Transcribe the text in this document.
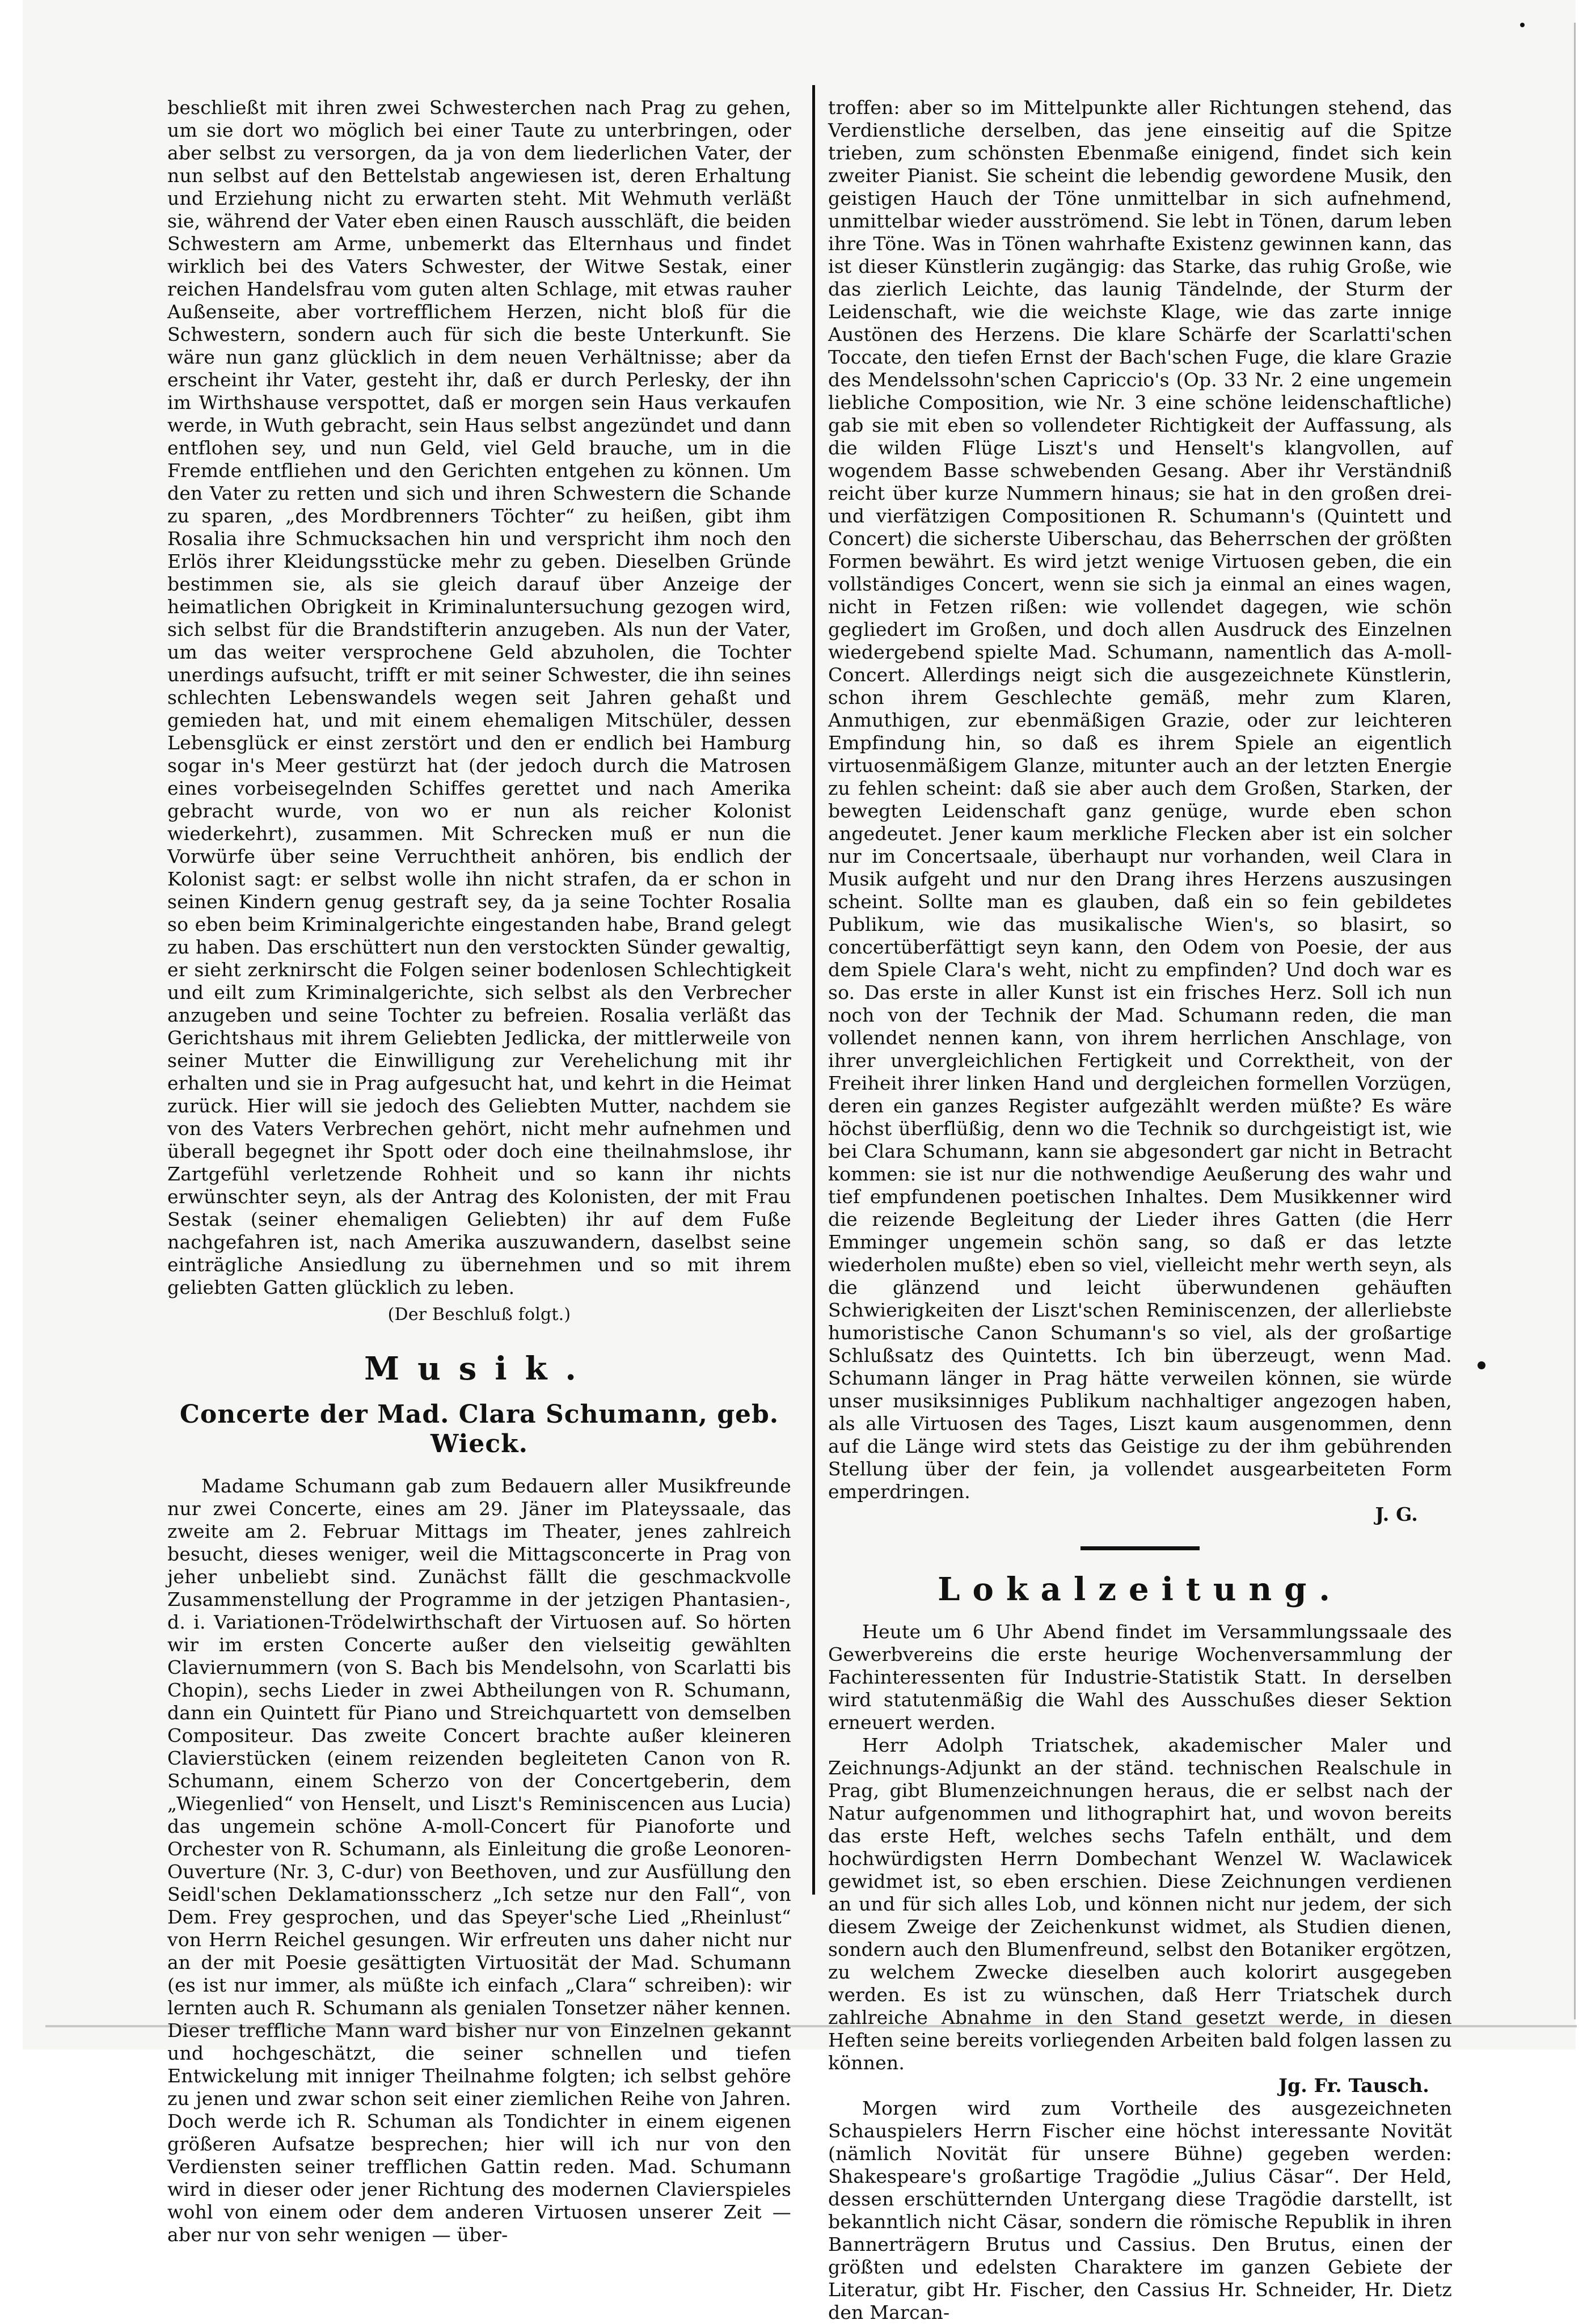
beschließt mit ihren zwei Schwesterchen nach Prag zu gehen, um sie dort wo möglich bei einer Taute zu unterbringen, oder aber selbst zu versorgen, da ja von dem liederlichen Vater, der nun selbst auf den Bettelstab angewiesen ist, deren Erhaltung und Erziehung nicht zu erwarten steht. Mit Wehmuth verläßt sie, während der Vater eben einen Rausch ausschläft, die beiden Schwestern am Arme, unbemerkt das Elternhaus und findet wirklich bei des Vaters Schwester, der Witwe Sestak, einer reichen Handelsfrau vom guten alten Schlage, mit etwas rauher Außenseite, aber vortrefflichem Herzen, nicht bloß für die Schwestern, sondern auch für sich die beste Unterkunft. Sie wäre nun ganz glücklich in dem neuen Verhältnisse; aber da erscheint ihr Vater, gesteht ihr, daß er durch Perlesky, der ihn im Wirthshause verspottet, daß er morgen sein Haus verkaufen werde, in Wuth gebracht, sein Haus selbst angezündet und dann entflohen sey, und nun Geld, viel Geld brauche, um in die Fremde entfliehen und den Gerichten entgehen zu können. Um den Vater zu retten und sich und ihren Schwestern die Schande zu sparen, „des Mordbrenners Töchter“ zu heißen, gibt ihm Rosalia ihre Schmucksachen hin und verspricht ihm noch den Erlös ihrer Kleidungsstücke mehr zu geben. Dieselben Gründe bestimmen sie, als sie gleich darauf über Anzeige der heimatlichen Obrigkeit in Kriminaluntersuchung gezogen wird, sich selbst für die Brandstifterin anzugeben. Als nun der Vater, um das weiter versprochene Geld abzuholen, die Tochter unerdings aufsucht, trifft er mit seiner Schwester, die ihn seines schlechten Lebenswandels wegen seit Jahren gehaßt und gemieden hat, und mit einem ehemaligen Mitschüler, dessen Lebensglück er einst zerstört und den er endlich bei Hamburg sogar in's Meer gestürzt hat (der jedoch durch die Matrosen eines vorbeisegelnden Schiffes gerettet und nach Amerika gebracht wurde, von wo er nun als reicher Kolonist wiederkehrt), zusammen. Mit Schrecken muß er nun die Vorwürfe über seine Verruchtheit anhören, bis endlich der Kolonist sagt: er selbst wolle ihn nicht strafen, da er schon in seinen Kindern genug gestraft sey, da ja seine Tochter Rosalia so eben beim Kriminalgerichte eingestanden habe, Brand gelegt zu haben. Das erschüttert nun den verstockten Sünder gewaltig, er sieht zerknirscht die Folgen seiner bodenlosen Schlechtigkeit und eilt zum Kriminalgerichte, sich selbst als den Verbrecher anzugeben und seine Tochter zu befreien. Rosalia verläßt das Gerichtshaus mit ihrem Geliebten Jedlicka, der mittlerweile von seiner Mutter die Einwilligung zur Verehelichung mit ihr erhalten und sie in Prag aufgesucht hat, und kehrt in die Heimat zurück. Hier will sie jedoch des Geliebten Mutter, nachdem sie von des Vaters Verbrechen gehört, nicht mehr aufnehmen und überall begegnet ihr Spott oder doch eine theilnahmslose, ihr Zartgefühl verletzende Rohheit und so kann ihr nichts erwünschter seyn, als der Antrag des Kolonisten, der mit Frau Sestak (seiner ehemaligen Geliebten) ihr auf dem Fuße nachgefahren ist, nach Amerika auszuwandern, daselbst seine einträgliche Ansiedlung zu übernehmen und so mit ihrem geliebten Gatten glücklich zu leben.

(Der Beschluß folgt.)

Musik.

Concerte der Mad. Clara Schumann, geb. Wieck.

Madame Schumann gab zum Bedauern aller Musikfreunde nur zwei Concerte, eines am 29. Jäner im Plateyssaale, das zweite am 2. Februar Mittags im Theater, jenes zahlreich besucht, dieses weniger, weil die Mittagsconcerte in Prag von jeher unbeliebt sind. Zunächst fällt die geschmackvolle Zusammenstellung der Programme in der jetzigen Phantasien-, d. i. Variationen-Trödelwirthschaft der Virtuosen auf. So hörten wir im ersten Concerte außer den vielseitig gewählten Claviernummern (von S. Bach bis Mendelsohn, von Scarlatti bis Chopin), sechs Lieder in zwei Abtheilungen von R. Schumann, dann ein Quintett für Piano und Streichquartett von demselben Compositeur. Das zweite Concert brachte außer kleineren Clavierstücken (einem reizenden begleiteten Canon von R. Schumann, einem Scherzo von der Concertgeberin, dem „Wiegenlied“ von Henselt, und Liszt's Reminiscencen aus Lucia) das ungemein schöne A-moll-Concert für Pianoforte und Orchester von R. Schumann, als Einleitung die große Leonoren-Ouverture (Nr. 3, C-dur) von Beethoven, und zur Ausfüllung den Seidl'schen Deklamationsscherz „Ich setze nur den Fall“, von Dem. Frey gesprochen, und das Speyer'sche Lied „Rheinlust“ von Herrn Reichel gesungen. Wir erfreuten uns daher nicht nur an der mit Poesie gesättigten Virtuosität der Mad. Schumann (es ist nur immer, als müßte ich einfach „Clara“ schreiben): wir lernten auch R. Schumann als genialen Tonsetzer näher kennen. Dieser treffliche Mann ward bisher nur von Einzelnen gekannt und hochgeschätzt, die seiner schnellen und tiefen Entwickelung mit inniger Theilnahme folgten; ich selbst gehöre zu jenen und zwar schon seit einer ziemlichen Reihe von Jahren. Doch werde ich R. Schuman als Tondichter in einem eigenen größeren Aufsatze besprechen; hier will ich nur von den Verdiensten seiner trefflichen Gattin reden. Mad. Schumann wird in dieser oder jener Richtung des modernen Clavierspieles wohl von einem oder dem anderen Virtuosen unserer Zeit — aber nur von sehr wenigen — über-

troffen: aber so im Mittelpunkte aller Richtungen stehend, das Verdienstliche derselben, das jene einseitig auf die Spitze trieben, zum schönsten Ebenmaße einigend, findet sich kein zweiter Pianist. Sie scheint die lebendig gewordene Musik, den geistigen Hauch der Töne unmittelbar in sich aufnehmend, unmittelbar wieder ausströmend. Sie lebt in Tönen, darum leben ihre Töne. Was in Tönen wahrhafte Existenz gewinnen kann, das ist dieser Künstlerin zugängig: das Starke, das ruhig Große, wie das zierlich Leichte, das launig Tändelnde, der Sturm der Leidenschaft, wie die weichste Klage, wie das zarte innige Austönen des Herzens. Die klare Schärfe der Scarlatti'schen Toccate, den tiefen Ernst der Bach'schen Fuge, die klare Grazie des Mendelssohn'schen Capriccio's (Op. 33 Nr. 2 eine ungemein liebliche Composition, wie Nr. 3 eine schöne leidenschaftliche) gab sie mit eben so vollendeter Richtigkeit der Auffassung, als die wilden Flüge Liszt's und Henselt's klangvollen, auf wogendem Basse schwebenden Gesang. Aber ihr Verständniß reicht über kurze Nummern hinaus; sie hat in den großen drei- und vierfätzigen Compositionen R. Schumann's (Quintett und Concert) die sicherste Uiberschau, das Beherrschen der größten Formen bewährt. Es wird jetzt wenige Virtuosen geben, die ein vollständiges Concert, wenn sie sich ja einmal an eines wagen, nicht in Fetzen rißen: wie vollendet dagegen, wie schön gegliedert im Großen, und doch allen Ausdruck des Einzelnen wiedergebend spielte Mad. Schumann, namentlich das A-moll-Concert. Allerdings neigt sich die ausgezeichnete Künstlerin, schon ihrem Geschlechte gemäß, mehr zum Klaren, Anmuthigen, zur ebenmäßigen Grazie, oder zur leichteren Empfindung hin, so daß es ihrem Spiele an eigentlich virtuosenmäßigem Glanze, mitunter auch an der letzten Energie zu fehlen scheint: daß sie aber auch dem Großen, Starken, der bewegten Leidenschaft ganz genüge, wurde eben schon angedeutet. Jener kaum merkliche Flecken aber ist ein solcher nur im Concertsaale, überhaupt nur vorhanden, weil Clara in Musik aufgeht und nur den Drang ihres Herzens auszusingen scheint. Sollte man es glauben, daß ein so fein gebildetes Publikum, wie das musikalische Wien's, so blasirt, so concertüberfättigt seyn kann, den Odem von Poesie, der aus dem Spiele Clara's weht, nicht zu empfinden? Und doch war es so. Das erste in aller Kunst ist ein frisches Herz. Soll ich nun noch von der Technik der Mad. Schumann reden, die man vollendet nennen kann, von ihrem herrlichen Anschlage, von ihrer unvergleichlichen Fertigkeit und Correktheit, von der Freiheit ihrer linken Hand und dergleichen formellen Vorzügen, deren ein ganzes Register aufgezählt werden müßte? Es wäre höchst überflüßig, denn wo die Technik so durchgeistigt ist, wie bei Clara Schumann, kann sie abgesondert gar nicht in Betracht kommen: sie ist nur die nothwendige Aeußerung des wahr und tief empfundenen poetischen Inhaltes. Dem Musikkenner wird die reizende Begleitung der Lieder ihres Gatten (die Herr Emminger ungemein schön sang, so daß er das letzte wiederholen mußte) eben so viel, vielleicht mehr werth seyn, als die glänzend und leicht überwundenen gehäuften Schwierigkeiten der Liszt'schen Reminiscenzen, der allerliebste humoristische Canon Schumann's so viel, als der großartige Schlußsatz des Quintetts. Ich bin überzeugt, wenn Mad. Schumann länger in Prag hätte verweilen können, sie würde unser musiksinniges Publikum nachhaltiger angezogen haben, als alle Virtuosen des Tages, Liszt kaum ausgenommen, denn auf die Länge wird stets das Geistige zu der ihm gebührenden Stellung über der fein, ja vollendet ausgearbeiteten Form emperdringen.

J. G.

Lokalzeitung.

Heute um 6 Uhr Abend findet im Versammlungssaale des Gewerbvereins die erste heurige Wochenversammlung der Fachinteressenten für Industrie-Statistik Statt. In derselben wird statutenmäßig die Wahl des Ausschußes dieser Sektion erneuert werden.

Herr Adolph Triatschek, akademischer Maler und Zeichnungs-Adjunkt an der ständ. technischen Realschule in Prag, gibt Blumenzeichnungen heraus, die er selbst nach der Natur aufgenommen und lithographirt hat, und wovon bereits das erste Heft, welches sechs Tafeln enthält, und dem hochwürdigsten Herrn Dombechant Wenzel W. Waclawicek gewidmet ist, so eben erschien. Diese Zeichnungen verdienen an und für sich alles Lob, und können nicht nur jedem, der sich diesem Zweige der Zeichenkunst widmet, als Studien dienen, sondern auch den Blumenfreund, selbst den Botaniker ergötzen, zu welchem Zwecke dieselben auch kolorirt ausgegeben werden. Es ist zu wünschen, daß Herr Triatschek durch zahlreiche Abnahme in den Stand gesetzt werde, in diesen Heften seine bereits vorliegenden Arbeiten bald folgen lassen zu können.

Jg. Fr. Tausch.

Morgen wird zum Vortheile des ausgezeichneten Schauspielers Herrn Fischer eine höchst interessante Novität (nämlich Novität für unsere Bühne) gegeben werden: Shakespeare's großartige Tragödie „Julius Cäsar“. Der Held, dessen erschütternden Untergang diese Tragödie darstellt, ist bekanntlich nicht Cäsar, sondern die römische Republik in ihren Bannerträgern Brutus und Cassius. Den Brutus, einen der größten und edelsten Charaktere im ganzen Gebiete der Literatur, gibt Hr. Fischer, den Cassius Hr. Schneider, Hr. Dietz den Marcan-
